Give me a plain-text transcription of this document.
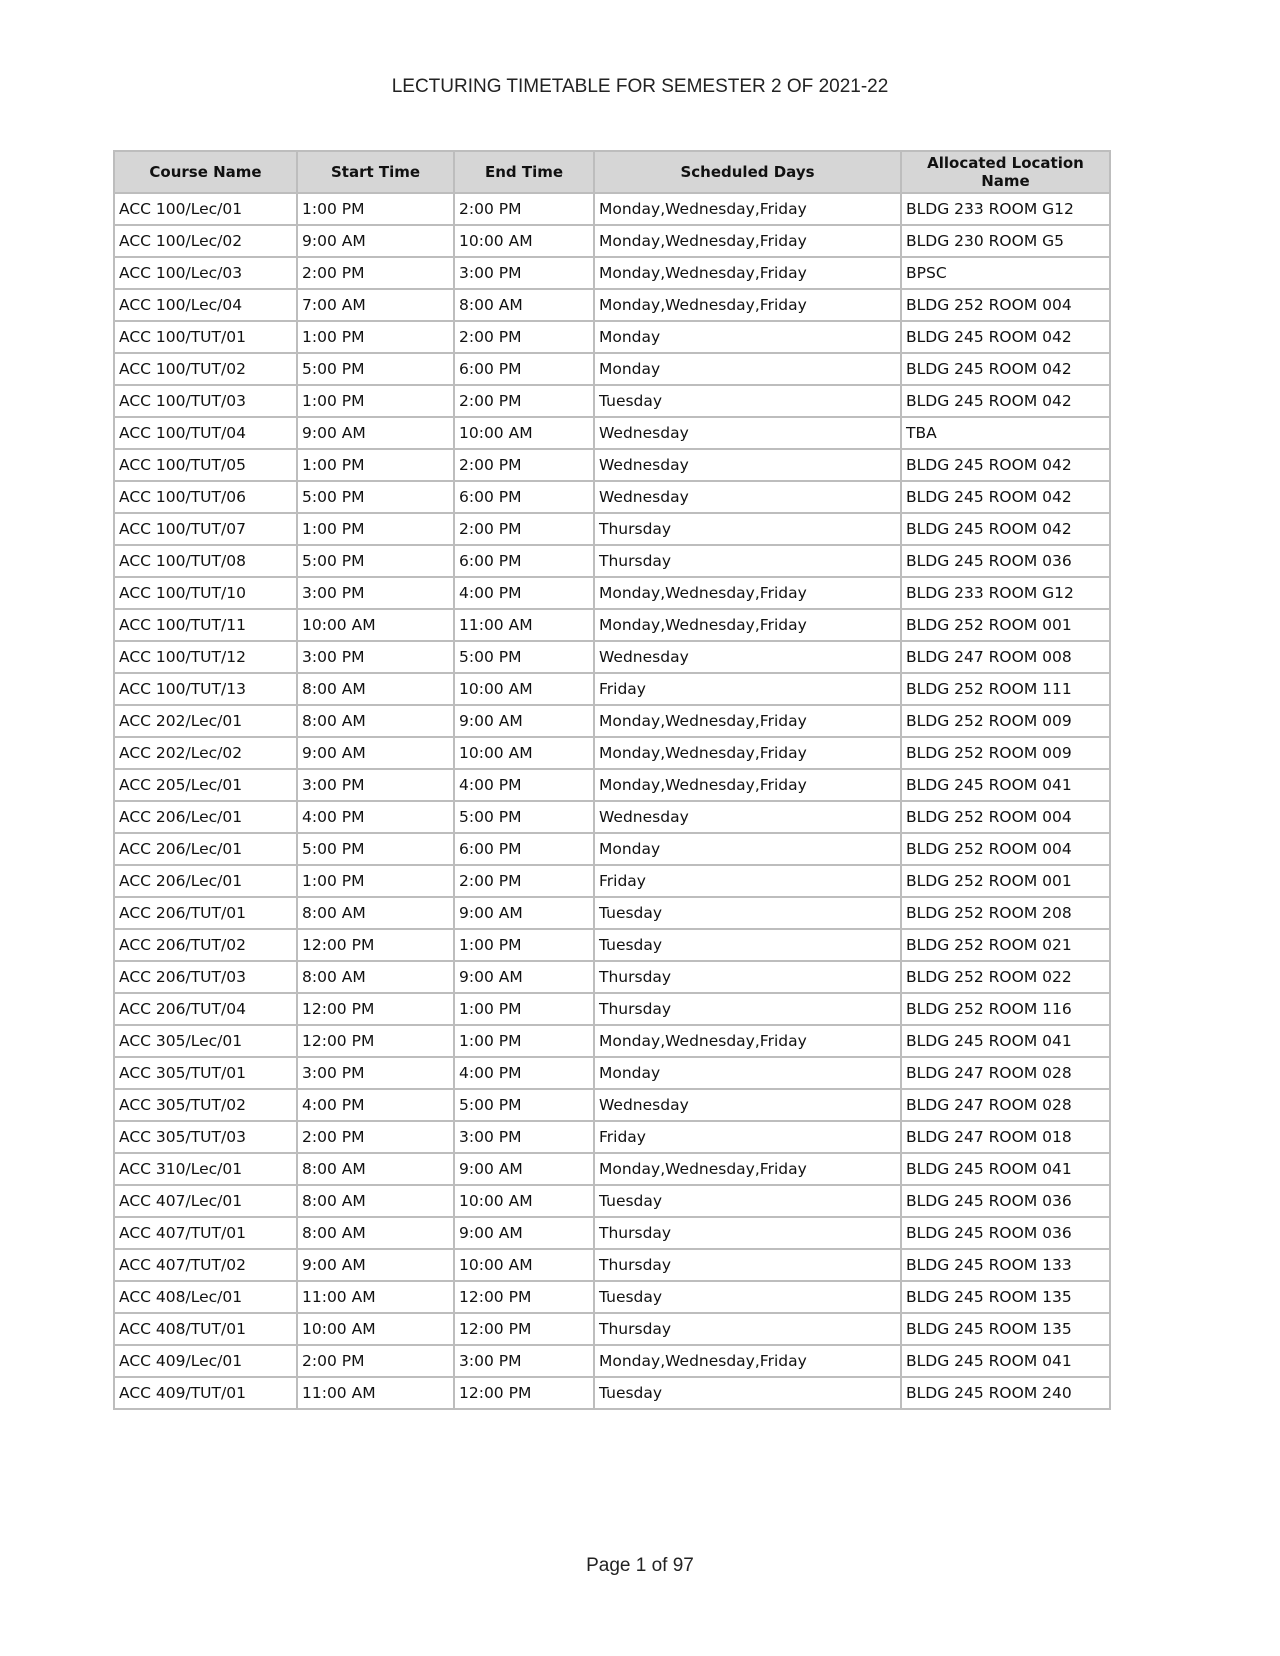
LECTURING TIMETABLE FOR SEMESTER 2 OF 2021-22
Course Name	Start Time	End Time	Scheduled Days	Allocated Location Name
ACC 100/Lec/01	1:00 PM	2:00 PM	Monday,Wednesday,Friday	BLDG 233 ROOM G12
ACC 100/Lec/02	9:00 AM	10:00 AM	Monday,Wednesday,Friday	BLDG 230 ROOM G5
ACC 100/Lec/03	2:00 PM	3:00 PM	Monday,Wednesday,Friday	BPSC
ACC 100/Lec/04	7:00 AM	8:00 AM	Monday,Wednesday,Friday	BLDG 252 ROOM 004
ACC 100/TUT/01	1:00 PM	2:00 PM	Monday	BLDG 245 ROOM 042
ACC 100/TUT/02	5:00 PM	6:00 PM	Monday	BLDG 245 ROOM 042
ACC 100/TUT/03	1:00 PM	2:00 PM	Tuesday	BLDG 245 ROOM 042
ACC 100/TUT/04	9:00 AM	10:00 AM	Wednesday	TBA
ACC 100/TUT/05	1:00 PM	2:00 PM	Wednesday	BLDG 245 ROOM 042
ACC 100/TUT/06	5:00 PM	6:00 PM	Wednesday	BLDG 245 ROOM 042
ACC 100/TUT/07	1:00 PM	2:00 PM	Thursday	BLDG 245 ROOM 042
ACC 100/TUT/08	5:00 PM	6:00 PM	Thursday	BLDG 245 ROOM 036
ACC 100/TUT/10	3:00 PM	4:00 PM	Monday,Wednesday,Friday	BLDG 233 ROOM G12
ACC 100/TUT/11	10:00 AM	11:00 AM	Monday,Wednesday,Friday	BLDG 252 ROOM 001
ACC 100/TUT/12	3:00 PM	5:00 PM	Wednesday	BLDG 247 ROOM 008
ACC 100/TUT/13	8:00 AM	10:00 AM	Friday	BLDG 252 ROOM 111
ACC 202/Lec/01	8:00 AM	9:00 AM	Monday,Wednesday,Friday	BLDG 252 ROOM 009
ACC 202/Lec/02	9:00 AM	10:00 AM	Monday,Wednesday,Friday	BLDG 252 ROOM 009
ACC 205/Lec/01	3:00 PM	4:00 PM	Monday,Wednesday,Friday	BLDG 245 ROOM 041
ACC 206/Lec/01	4:00 PM	5:00 PM	Wednesday	BLDG 252 ROOM 004
ACC 206/Lec/01	5:00 PM	6:00 PM	Monday	BLDG 252 ROOM 004
ACC 206/Lec/01	1:00 PM	2:00 PM	Friday	BLDG 252 ROOM 001
ACC 206/TUT/01	8:00 AM	9:00 AM	Tuesday	BLDG 252 ROOM 208
ACC 206/TUT/02	12:00 PM	1:00 PM	Tuesday	BLDG 252 ROOM 021
ACC 206/TUT/03	8:00 AM	9:00 AM	Thursday	BLDG 252 ROOM 022
ACC 206/TUT/04	12:00 PM	1:00 PM	Thursday	BLDG 252 ROOM 116
ACC 305/Lec/01	12:00 PM	1:00 PM	Monday,Wednesday,Friday	BLDG 245 ROOM 041
ACC 305/TUT/01	3:00 PM	4:00 PM	Monday	BLDG 247 ROOM 028
ACC 305/TUT/02	4:00 PM	5:00 PM	Wednesday	BLDG 247 ROOM 028
ACC 305/TUT/03	2:00 PM	3:00 PM	Friday	BLDG 247 ROOM 018
ACC 310/Lec/01	8:00 AM	9:00 AM	Monday,Wednesday,Friday	BLDG 245 ROOM 041
ACC 407/Lec/01	8:00 AM	10:00 AM	Tuesday	BLDG 245 ROOM 036
ACC 407/TUT/01	8:00 AM	9:00 AM	Thursday	BLDG 245 ROOM 036
ACC 407/TUT/02	9:00 AM	10:00 AM	Thursday	BLDG 245 ROOM 133
ACC 408/Lec/01	11:00 AM	12:00 PM	Tuesday	BLDG 245 ROOM 135
ACC 408/TUT/01	10:00 AM	12:00 PM	Thursday	BLDG 245 ROOM 135
ACC 409/Lec/01	2:00 PM	3:00 PM	Monday,Wednesday,Friday	BLDG 245 ROOM 041
ACC 409/TUT/01	11:00 AM	12:00 PM	Tuesday	BLDG 245 ROOM 240
Page 1 of 97
